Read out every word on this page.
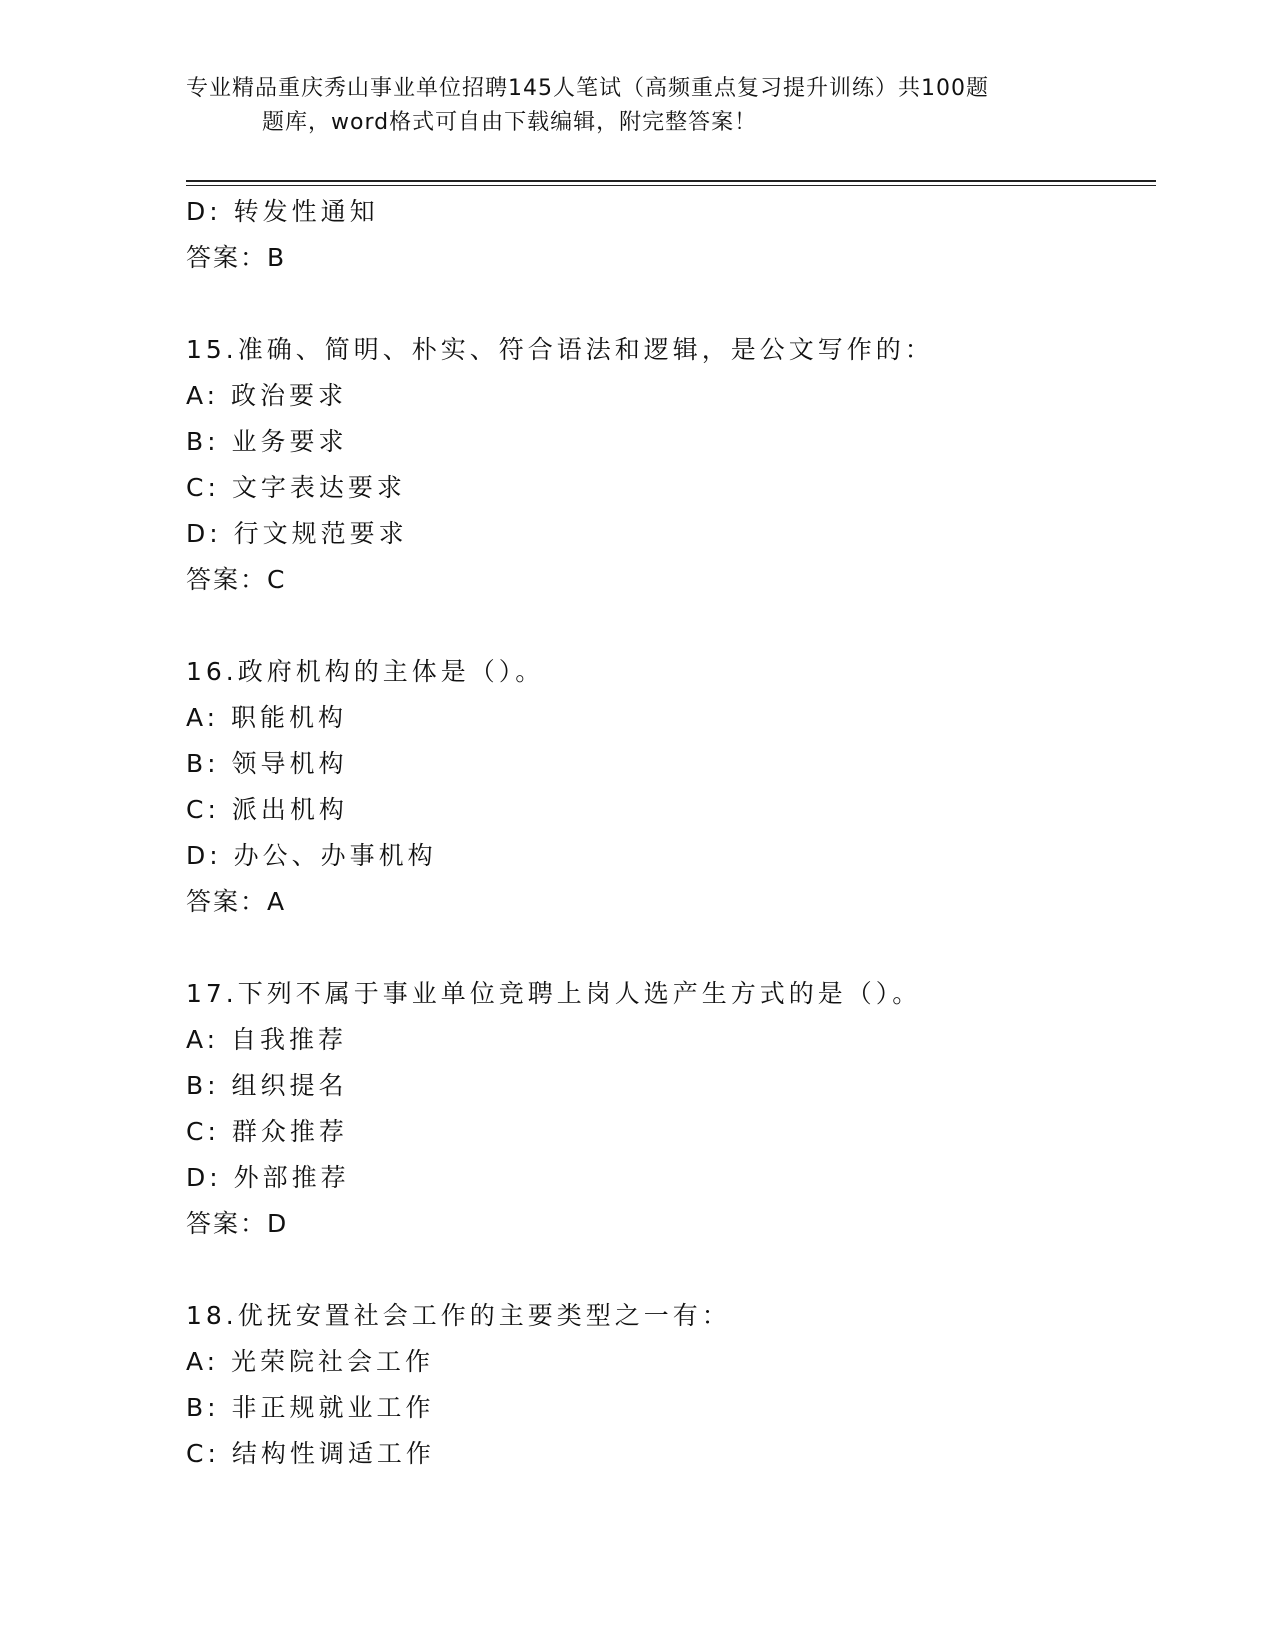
专业精品重庆秀山事业单位招聘145人笔试（高频重点复习提升训练）共100题
题库，word格式可自由下载编辑，附完整答案！
D: 转发性通知
答案：B
15.准确、简明、朴实、符合语法和逻辑，是公文写作的：
A: 政治要求
B: 业务要求
C: 文字表达要求
D: 行文规范要求
答案：C
16.政府机构的主体是（）。
A: 职能机构
B: 领导机构
C: 派出机构
D: 办公、办事机构
答案：A
17.下列不属于事业单位竞聘上岗人选产生方式的是（）。
A: 自我推荐
B: 组织提名
C: 群众推荐
D: 外部推荐
答案：D
18.优抚安置社会工作的主要类型之一有：
A: 光荣院社会工作
B: 非正规就业工作
C: 结构性调适工作
